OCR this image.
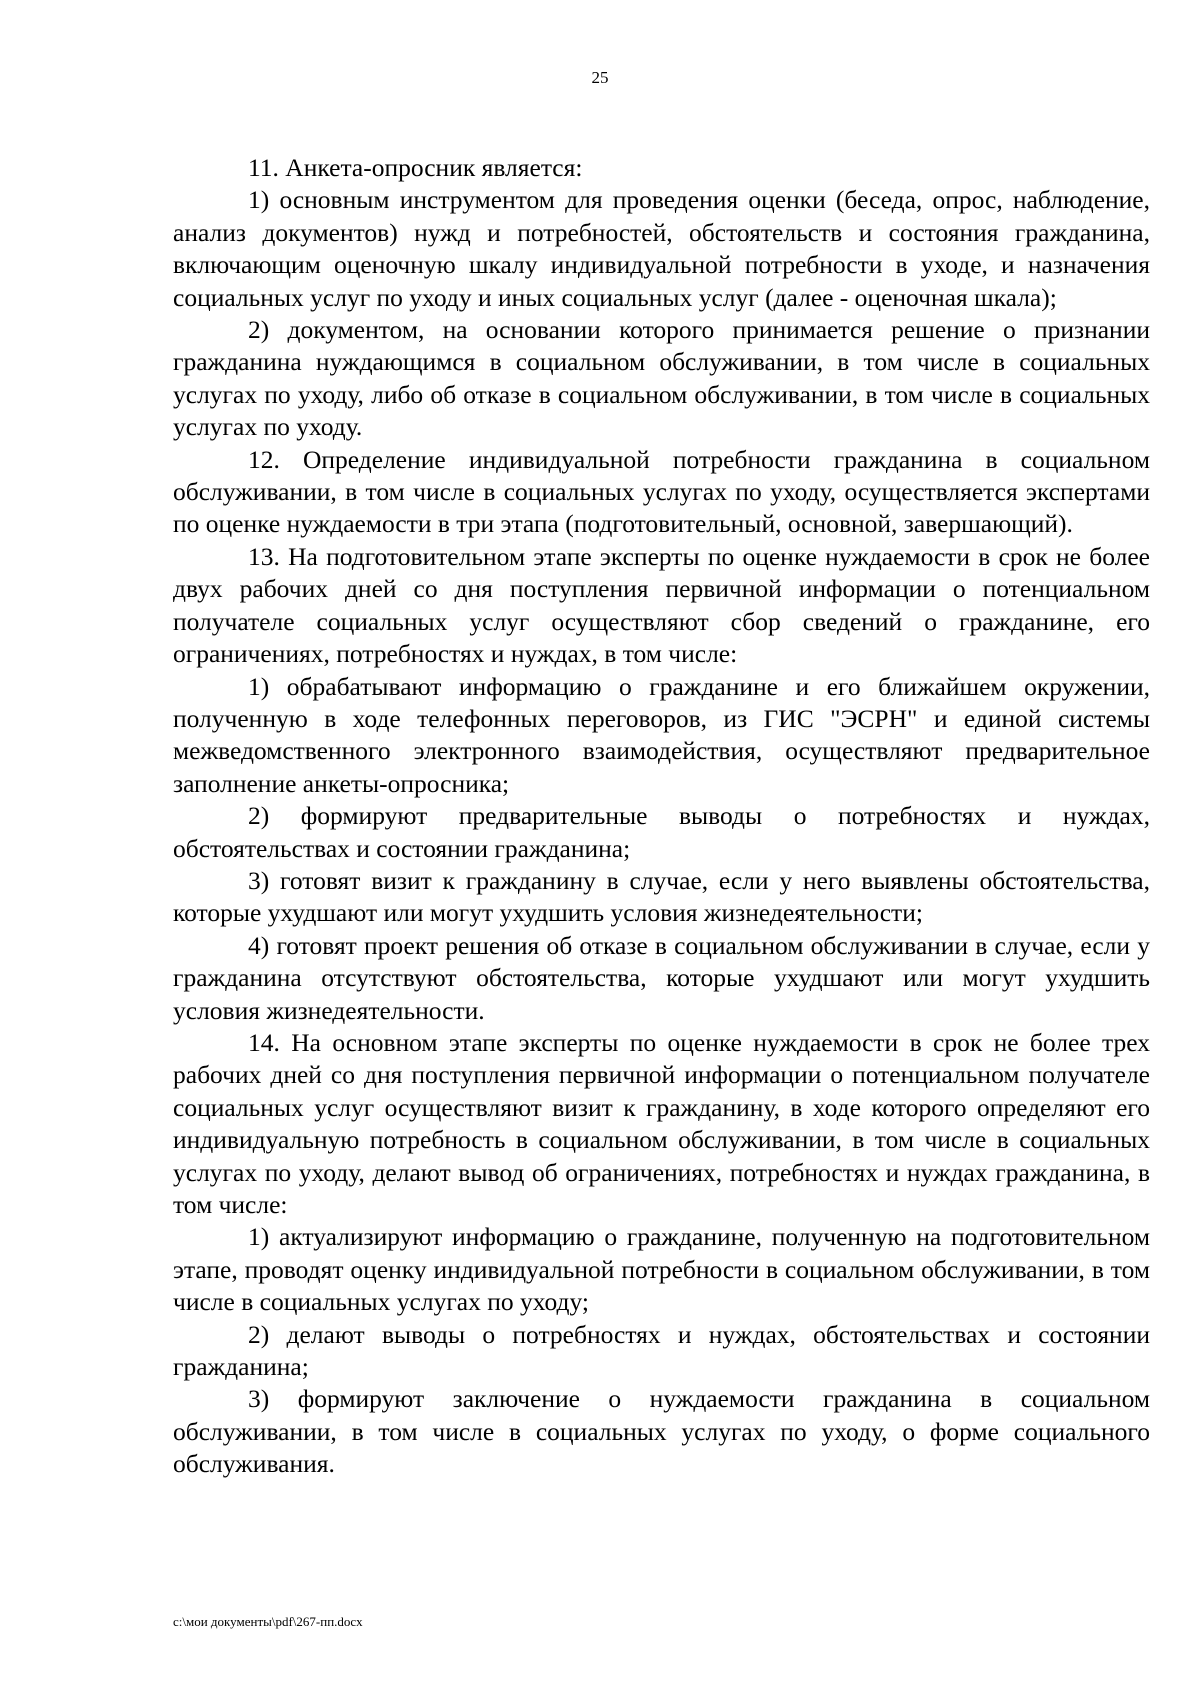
25

11. Анкета-опросник является:

1) основным инструментом для проведения оценки (беседа, опрос, наблюдение, анализ документов) нужд и потребностей, обстоятельств и состояния гражданина, включающим оценочную шкалу индивидуальной потребности в уходе, и назначения социальных услуг по уходу и иных социальных услуг (далее - оценочная шкала);

2) документом, на основании которого принимается решение о признании гражданина нуждающимся в социальном обслуживании, в том числе в социальных услугах по уходу, либо об отказе в социальном обслуживании, в том числе в социальных услугах по уходу.

12. Определение индивидуальной потребности гражданина в социальном обслуживании, в том числе в социальных услугах по уходу, осуществляется экспертами по оценке нуждаемости в три этапа (подготовительный, основной, завершающий).

13. На подготовительном этапе эксперты по оценке нуждаемости в срок не более двух рабочих дней со дня поступления первичной информации о потенциальном получателе социальных услуг осуществляют сбор сведений о гражданине, его ограничениях, потребностях и нуждах, в том числе:

1) обрабатывают информацию о гражданине и его ближайшем окружении, полученную в ходе телефонных переговоров, из ГИС "ЭСРН" и единой системы межведомственного электронного взаимодействия, осуществляют предварительное заполнение анкеты-опросника;

2) формируют предварительные выводы о потребностях и нуждах, обстоятельствах и состоянии гражданина;

3) готовят визит к гражданину в случае, если у него выявлены обстоятельства, которые ухудшают или могут ухудшить условия жизнедеятельности;

4) готовят проект решения об отказе в социальном обслуживании в случае, если у гражданина отсутствуют обстоятельства, которые ухудшают или могут ухудшить условия жизнедеятельности.

14. На основном этапе эксперты по оценке нуждаемости в срок не более трех рабочих дней со дня поступления первичной информации о потенциальном получателе социальных услуг осуществляют визит к гражданину, в ходе которого определяют его индивидуальную потребность в социальном обслуживании, в том числе в социальных услугах по уходу, делают вывод об ограничениях, потребностях и нуждах гражданина, в том числе:

1) актуализируют информацию о гражданине, полученную на подготовительном этапе, проводят оценку индивидуальной потребности в социальном обслуживании, в том числе в социальных услугах по уходу;

2) делают выводы о потребностях и нуждах, обстоятельствах и состоянии гражданина;

3) формируют заключение о нуждаемости гражданина в социальном обслуживании, в том числе в социальных услугах по уходу, о форме социального обслуживания.

c:\мои документы\pdf\267-пп.docx
